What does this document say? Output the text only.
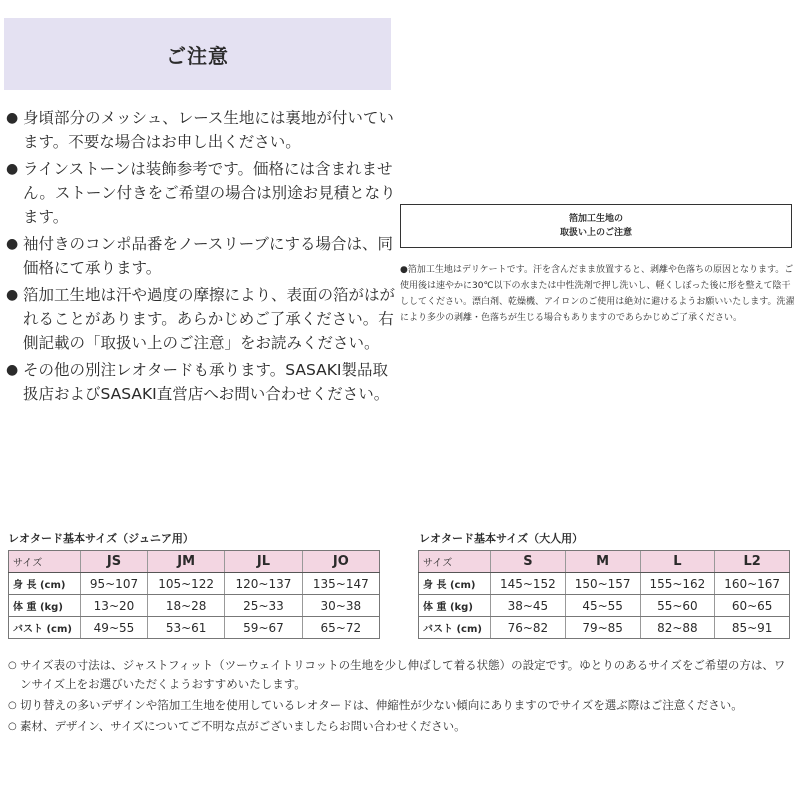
ご注意
● 身頃部分のメッシュ、レース生地には裏地が付いています。不要な場合はお申し出ください。
● ラインストーンは装飾参考です。価格には含まれません。ストーン付きをご希望の場合は別途お見積となります。
● 袖付きのコンポ品番をノースリーブにする場合は、同価格にて承ります。
● 箔加工生地は汗や過度の摩擦により、表面の箔がはがれることがあります。あらかじめご了承ください。右側記載の「取扱い上のご注意」をお読みください。
● その他の別注レオタードも承ります。SASAKI製品取扱店およびSASAKI直営店へお問い合わせください。
箔加工生地の
取扱い上のご注意
●箔加工生地はデリケートです。汗を含んだまま放置すると、剥離や色落ちの原因となります。ご使用後は速やかに30℃以下の水または中性洗剤で押し洗いし、軽くしぼった後に形を整えて陰干ししてください。漂白剤、乾燥機、アイロンのご使用は絶対に避けるようお願いいたします。洗濯により多少の剥離・色落ちが生じる場合もありますのであらかじめご了承ください。
レオタード基本サイズ（ジュニア用）
サイズ	JS	JM	JL	JO
身 長 (cm)	95~107	105~122	120~137	135~147
体 重 (kg)	13~20	18~28	25~33	30~38
バスト (cm)	49~55	53~61	59~67	65~72
レオタード基本サイズ（大人用）
サイズ	S	M	L	L2
身 長 (cm)	145~152	150~157	155~162	160~167
体 重 (kg)	38~45	45~55	55~60	60~65
バスト (cm)	76~82	79~85	82~88	85~91
○ サイズ表の寸法は、ジャストフィット（ツーウェイトリコットの生地を少し伸ばして着る状態）の設定です。ゆとりのあるサイズをご希望の方は、ワンサイズ上をお選びいただくようおすすめいたします。
○ 切り替えの多いデザインや箔加工生地を使用しているレオタードは、伸縮性が少ない傾向にありますのでサイズを選ぶ際はご注意ください。
○ 素材、デザイン、サイズについてご不明な点がございましたらお問い合わせください。
